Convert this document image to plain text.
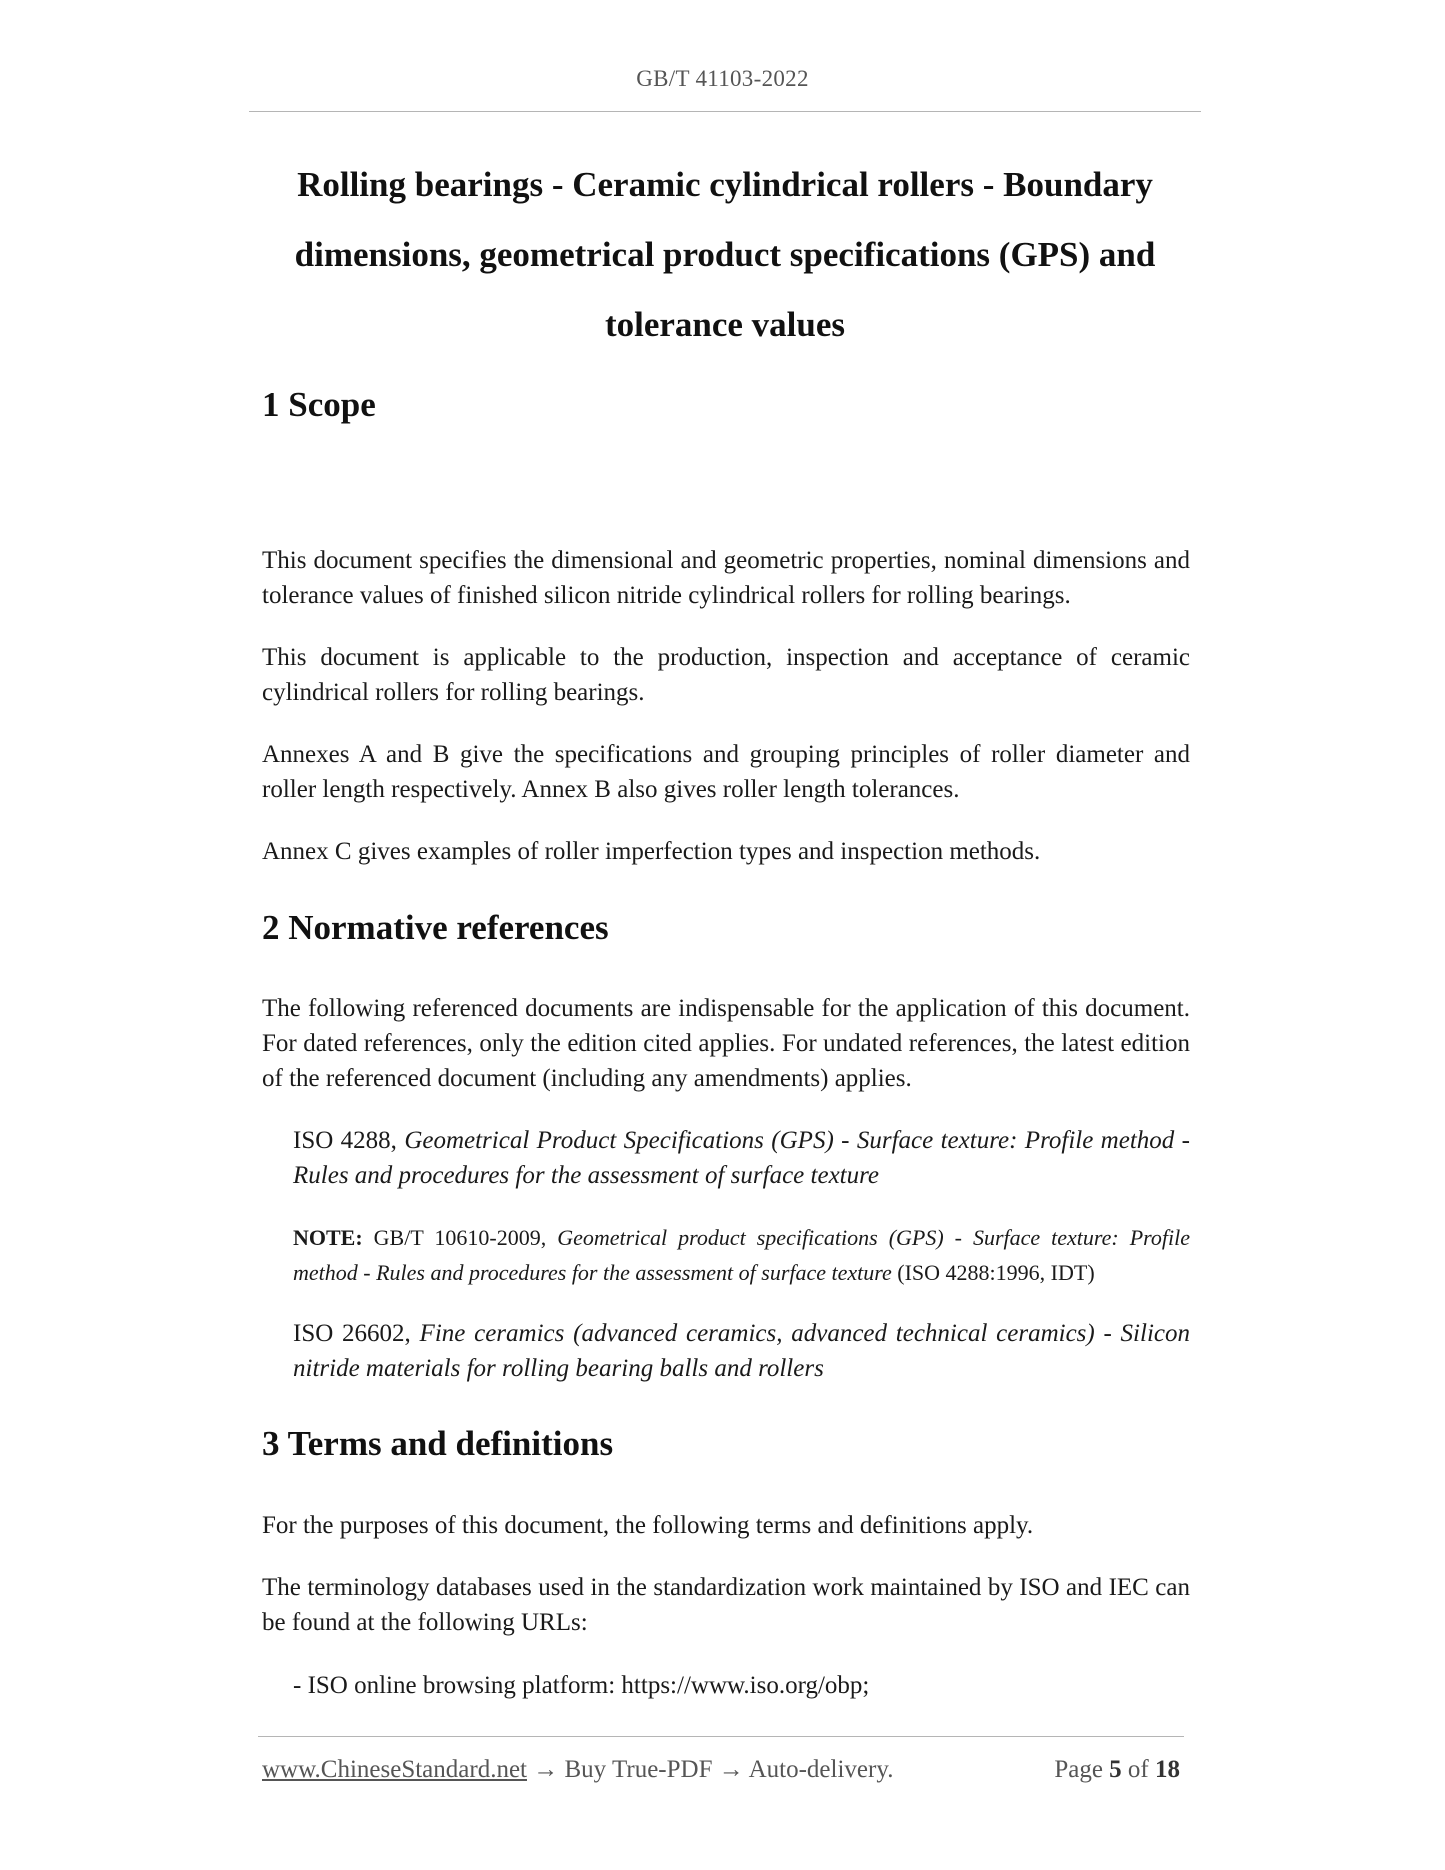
GB/T 41103-2022
Rolling bearings - Ceramic cylindrical rollers - Boundary
dimensions, geometrical product specifications (GPS) and
tolerance values
1 Scope
This document specifies the dimensional and geometric properties, nominal dimensions and tolerance values of finished silicon nitride cylindrical rollers for rolling bearings.
This document is applicable to the production, inspection and acceptance of ceramic cylindrical rollers for rolling bearings.
Annexes A and B give the specifications and grouping principles of roller diameter and roller length respectively. Annex B also gives roller length tolerances.
Annex C gives examples of roller imperfection types and inspection methods.
2 Normative references
The following referenced documents are indispensable for the application of this document. For dated references, only the edition cited applies. For undated references, the latest edition of the referenced document (including any amendments) applies.
ISO 4288, Geometrical Product Specifications (GPS) - Surface texture: Profile method - Rules and procedures for the assessment of surface texture
NOTE: GB/T 10610-2009, Geometrical product specifications (GPS) - Surface texture: Profile method - Rules and procedures for the assessment of surface texture (ISO 4288:1996, IDT)
ISO 26602, Fine ceramics (advanced ceramics, advanced technical ceramics) - Silicon nitride materials for rolling bearing balls and rollers
3 Terms and definitions
For the purposes of this document, the following terms and definitions apply.
The terminology databases used in the standardization work maintained by ISO and IEC can be found at the following URLs:
- ISO online browsing platform: https://www.iso.org/obp;
www.ChineseStandard.net → Buy True-PDF → Auto-delivery.	Page 5 of 18
